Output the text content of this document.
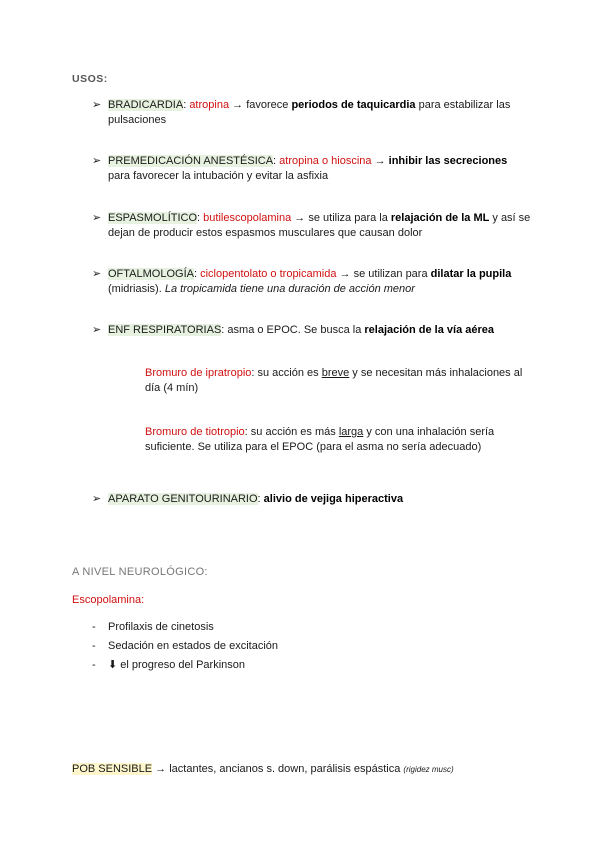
USOS:
➢ BRADICARDIA: atropina → favorece periodos de taquicardia para estabilizar las pulsaciones
➢ PREMEDICACIÓN ANESTÉSICA: atropina o hioscina → inhibir las secreciones para favorecer la intubación y evitar la asfixia
➢ ESPASMOLÍTICO: butilescopolamina → se utiliza para la relajación de la ML y así se dejan de producir estos espasmos musculares que causan dolor
➢ OFTALMOLOGÍA: ciclopentolato o tropicamida → se utilizan para dilatar la pupila (midriasis). La tropicamida tiene una duración de acción menor
➢ ENF RESPIRATORIAS: asma o EPOC. Se busca la relajación de la vía aérea
Bromuro de ipratropio: su acción es breve y se necesitan más inhalaciones al día (4 mín)
Bromuro de tiotropio: su acción es más larga y con una inhalación sería suficiente. Se utiliza para el EPOC (para el asma no sería adecuado)
➢ APARATO GENITOURINARIO: alivio de vejiga hiperactiva
A NIVEL NEUROLÓGICO:
Escopolamina:
- Profilaxis de cinetosis
- Sedación en estados de excitación
- ⬇ el progreso del Parkinson
POB SENSIBLE → lactantes, ancianos s. down, parálisis espástica (rigidez musc)
